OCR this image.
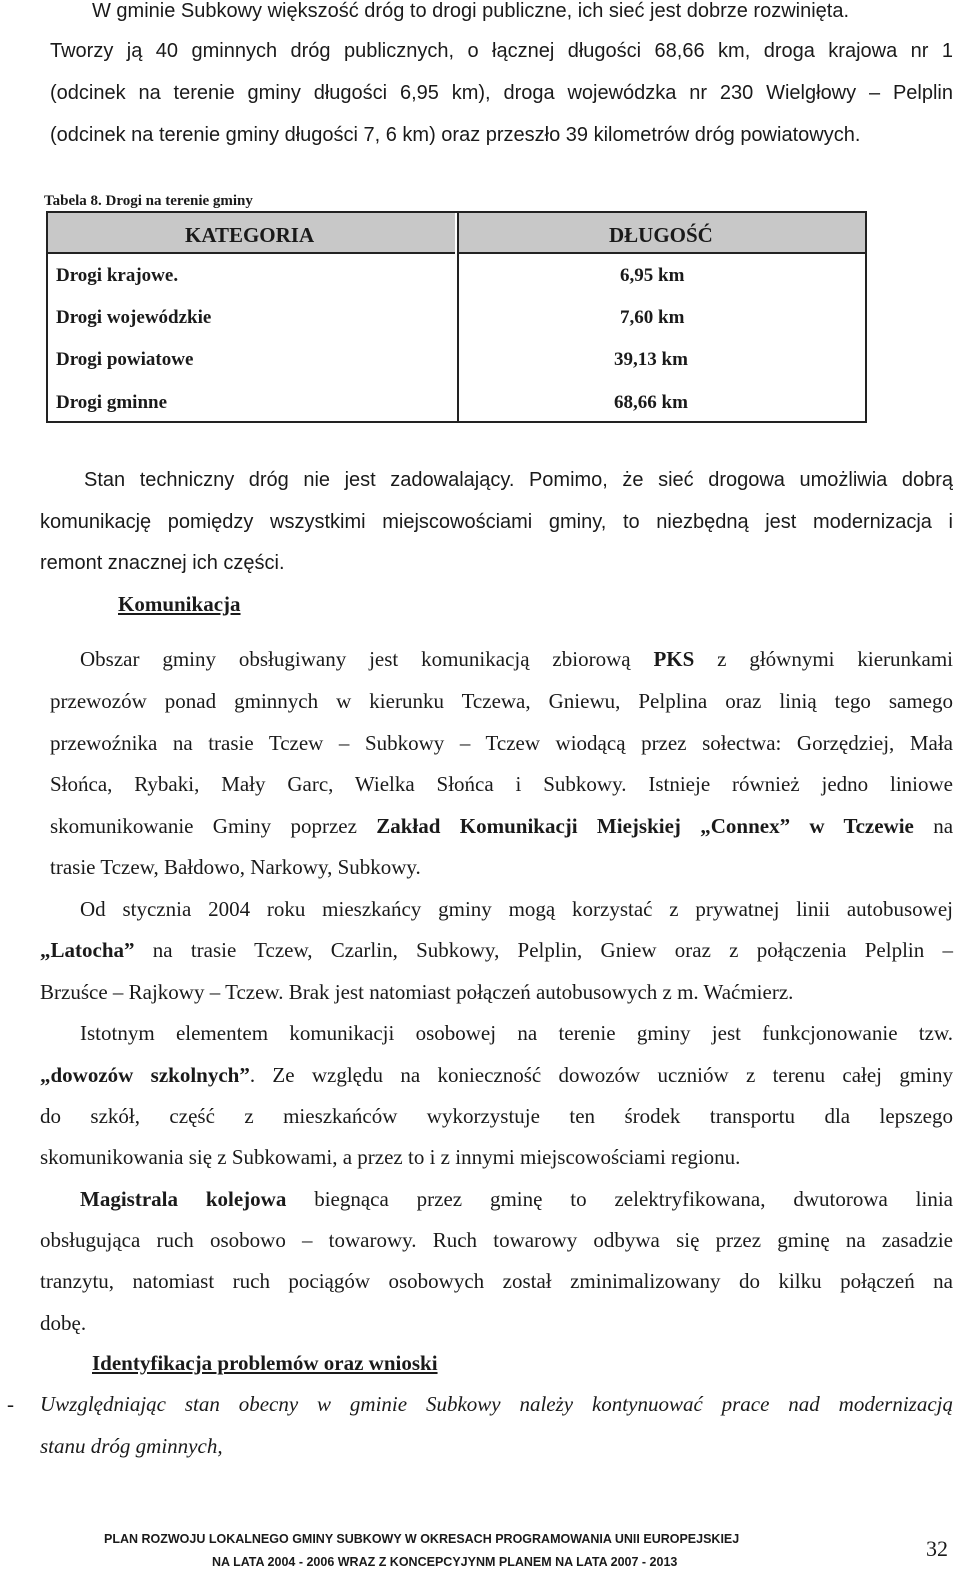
W gminie Subkowy większość dróg to drogi publiczne, ich sieć jest dobrze rozwinięta.
Tworzy ją 40 gminnych dróg publicznych, o łącznej długości 68,66 km, droga krajowa nr 1
(odcinek na terenie gminy długości 6,95 km), droga wojewódzka nr 230 Wielgłowy – Pelplin
(odcinek na terenie gminy długości 7, 6 km) oraz przeszło 39 kilometrów dróg powiatowych.
Tabela 8. Drogi na terenie gminy
KATEGORIA	DŁUGOŚĆ
Drogi krajowe.	6,95 km
Drogi wojewódzkie	7,60 km
Drogi powiatowe	39,13 km
Drogi gminne	68,66 km
Stan techniczny dróg nie jest zadowalający. Pomimo, że sieć drogowa umożliwia dobrą
komunikację pomiędzy wszystkimi miejscowościami gminy, to niezbędną jest modernizacja i
remont znacznej ich części.
Komunikacja
Obszar gminy obsługiwany jest komunikacją zbiorową PKS z głównymi kierunkami
przewozów ponad gminnych w kierunku Tczewa, Gniewu, Pelplina oraz linią tego samego
przewoźnika na trasie Tczew – Subkowy – Tczew wiodącą przez sołectwa: Gorzędziej, Mała
Słońca, Rybaki, Mały Garc, Wielka Słońca i Subkowy. Istnieje również jedno liniowe
skomunikowanie Gminy poprzez Zakład Komunikacji Miejskiej „Connex” w Tczewie na
trasie Tczew, Bałdowo, Narkowy, Subkowy.
Od stycznia 2004 roku mieszkańcy gminy mogą korzystać z prywatnej linii autobusowej
„Latocha” na trasie Tczew, Czarlin, Subkowy, Pelplin, Gniew oraz z połączenia Pelplin –
Brzuśce – Rajkowy – Tczew. Brak jest natomiast połączeń autobusowych z m. Waćmierz.
Istotnym elementem komunikacji osobowej na terenie gminy jest funkcjonowanie tzw.
„dowozów szkolnych”. Ze względu na konieczność dowozów uczniów z terenu całej gminy
do szkół, część z mieszkańców wykorzystuje ten środek transportu dla lepszego
skomunikowania się z Subkowami, a przez to i z innymi miejscowościami regionu.
Magistrala kolejowa biegnąca przez gminę to zelektryfikowana, dwutorowa linia
obsługująca ruch osobowo – towarowy. Ruch towarowy odbywa się przez gminę na zasadzie
tranzytu, natomiast ruch pociągów osobowych został zminimalizowany do kilku połączeń na
dobę.
Identyfikacja problemów oraz wnioski
- Uwzględniając stan obecny w gminie Subkowy należy kontynuować prace nad modernizacją
stanu dróg gminnych,
PLAN ROZWOJU LOKALNEGO GMINY SUBKOWY W OKRESACH PROGRAMOWANIA UNII EUROPEJSKIEJ
NA LATA 2004 - 2006 WRAZ Z KONCEPCYJYNM PLANEM NA LATA 2007 - 2013
32
